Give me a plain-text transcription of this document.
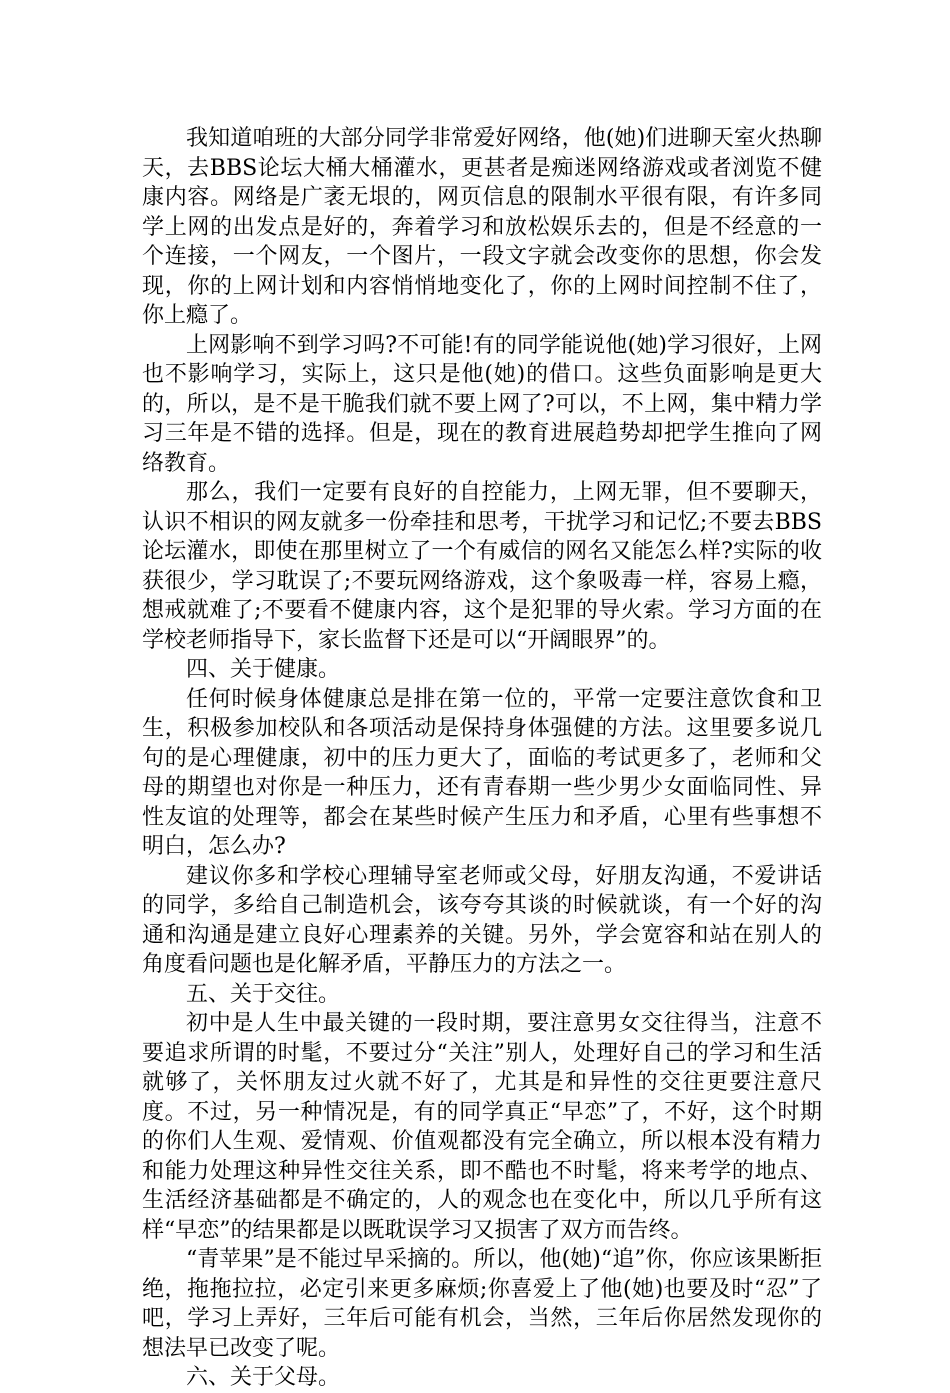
我知道咱班的大部分同学非常爱好网络，他(她)们进聊天室火热聊天，去BBS论坛大桶大桶灌水，更甚者是痴迷网络游戏或者浏览不健康内容。网络是广袤无垠的，网页信息的限制水平很有限，有许多同学上网的出发点是好的，奔着学习和放松娱乐去的，但是不经意的一个连接，一个网友，一个图片，一段文字就会改变你的思想，你会发现，你的上网计划和内容悄悄地变化了，你的上网时间控制不住了，你上瘾了。

上网影响不到学习吗?不可能!有的同学能说他(她)学习很好，上网也不影响学习，实际上，这只是他(她)的借口。这些负面影响是更大的，所以，是不是干脆我们就不要上网了?可以，不上网，集中精力学习三年是不错的选择。但是，现在的教育进展趋势却把学生推向了网络教育。

那么，我们一定要有良好的自控能力，上网无罪，但不要聊天，认识不相识的网友就多一份牵挂和思考，干扰学习和记忆;不要去BBS论坛灌水，即使在那里树立了一个有威信的网名又能怎么样?实际的收获很少，学习耽误了;不要玩网络游戏，这个象吸毒一样，容易上瘾，想戒就难了;不要看不健康内容，这个是犯罪的导火索。学习方面的在学校老师指导下，家长监督下还是可以“开阔眼界”的。

四、关于健康。

任何时候身体健康总是排在第一位的，平常一定要注意饮食和卫生，积极参加校队和各项活动是保持身体强健的方法。这里要多说几句的是心理健康，初中的压力更大了，面临的考试更多了，老师和父母的期望也对你是一种压力，还有青春期一些少男少女面临同性、异性友谊的处理等，都会在某些时候产生压力和矛盾，心里有些事想不明白，怎么办?

建议你多和学校心理辅导室老师或父母，好朋友沟通，不爱讲话的同学，多给自己制造机会，该夸夸其谈的时候就谈，有一个好的沟通和沟通是建立良好心理素养的关键。另外，学会宽容和站在别人的角度看问题也是化解矛盾，平静压力的方法之一。

五、关于交往。

初中是人生中最关键的一段时期，要注意男女交往得当，注意不要追求所谓的时髦，不要过分“关注”别人，处理好自己的学习和生活就够了，关怀朋友过火就不好了，尤其是和异性的交往更要注意尺度。不过，另一种情况是，有的同学真正“早恋”了，不好，这个时期的你们人生观、爱情观、价值观都没有完全确立，所以根本没有精力和能力处理这种异性交往关系，即不酷也不时髦，将来考学的地点、生活经济基础都是不确定的，人的观念也在变化中，所以几乎所有这样“早恋”的结果都是以既耽误学习又损害了双方而告终。

“青苹果”是不能过早采摘的。所以，他(她)“追”你，你应该果断拒绝，拖拖拉拉，必定引来更多麻烦;你喜爱上了他(她)也要及时“忍”了吧，学习上弄好，三年后可能有机会，当然，三年后你居然发现你的想法早已改变了呢。

六、关于父母。
